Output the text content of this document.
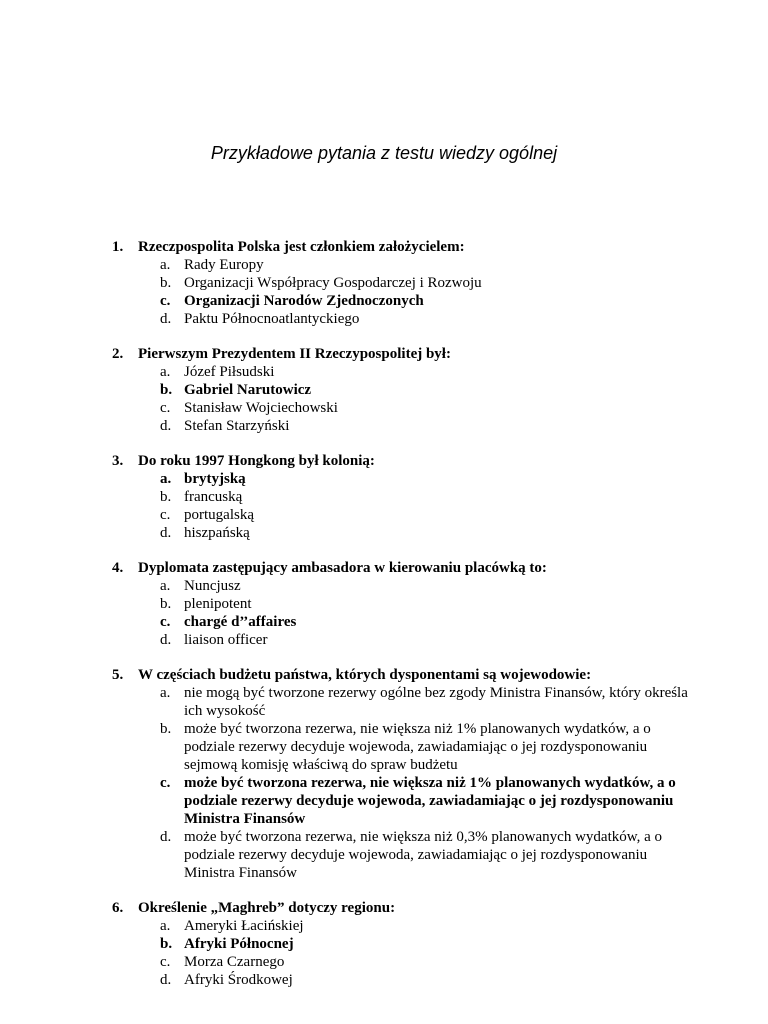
Przykładowe pytania z testu wiedzy ogólnej
1. Rzeczpospolita Polska jest członkiem założycielem:
a. Rady Europy
b. Organizacji Współpracy Gospodarczej i Rozwoju
c. Organizacji Narodów Zjednoczonych
d. Paktu Północnoatlantyckiego
2. Pierwszym Prezydentem II Rzeczypospolitej był:
a. Józef Piłsudski
b. Gabriel Narutowicz
c. Stanisław Wojciechowski
d. Stefan Starzyński
3. Do roku 1997 Hongkong był kolonią:
a. brytyjską
b. francuską
c. portugalską
d. hiszpańską
4. Dyplomata zastępujący ambasadora w kierowaniu placówką to:
a. Nuncjusz
b. plenipotent
c. chargé d’’affaires
d. liaison officer
5. W częściach budżetu państwa, których dysponentami są wojewodowie:
a. nie mogą być tworzone rezerwy ogólne bez zgody Ministra Finansów, który określa ich wysokość
b. może być tworzona rezerwa, nie większa niż 1% planowanych wydatków, a o podziale rezerwy decyduje wojewoda, zawiadamiając o jej rozdysponowaniu sejmową komisję właściwą do spraw budżetu
c. może być tworzona rezerwa, nie większa niż 1% planowanych wydatków, a o podziale rezerwy decyduje wojewoda, zawiadamiając o jej rozdysponowaniu Ministra Finansów
d. może być tworzona rezerwa, nie większa niż 0,3% planowanych wydatków, a o podziale rezerwy decyduje wojewoda, zawiadamiając o jej rozdysponowaniu Ministra Finansów
6. Określenie „Maghreb” dotyczy regionu:
a. Ameryki Łacińskiej
b. Afryki Północnej
c. Morza Czarnego
d. Afryki Środkowej
